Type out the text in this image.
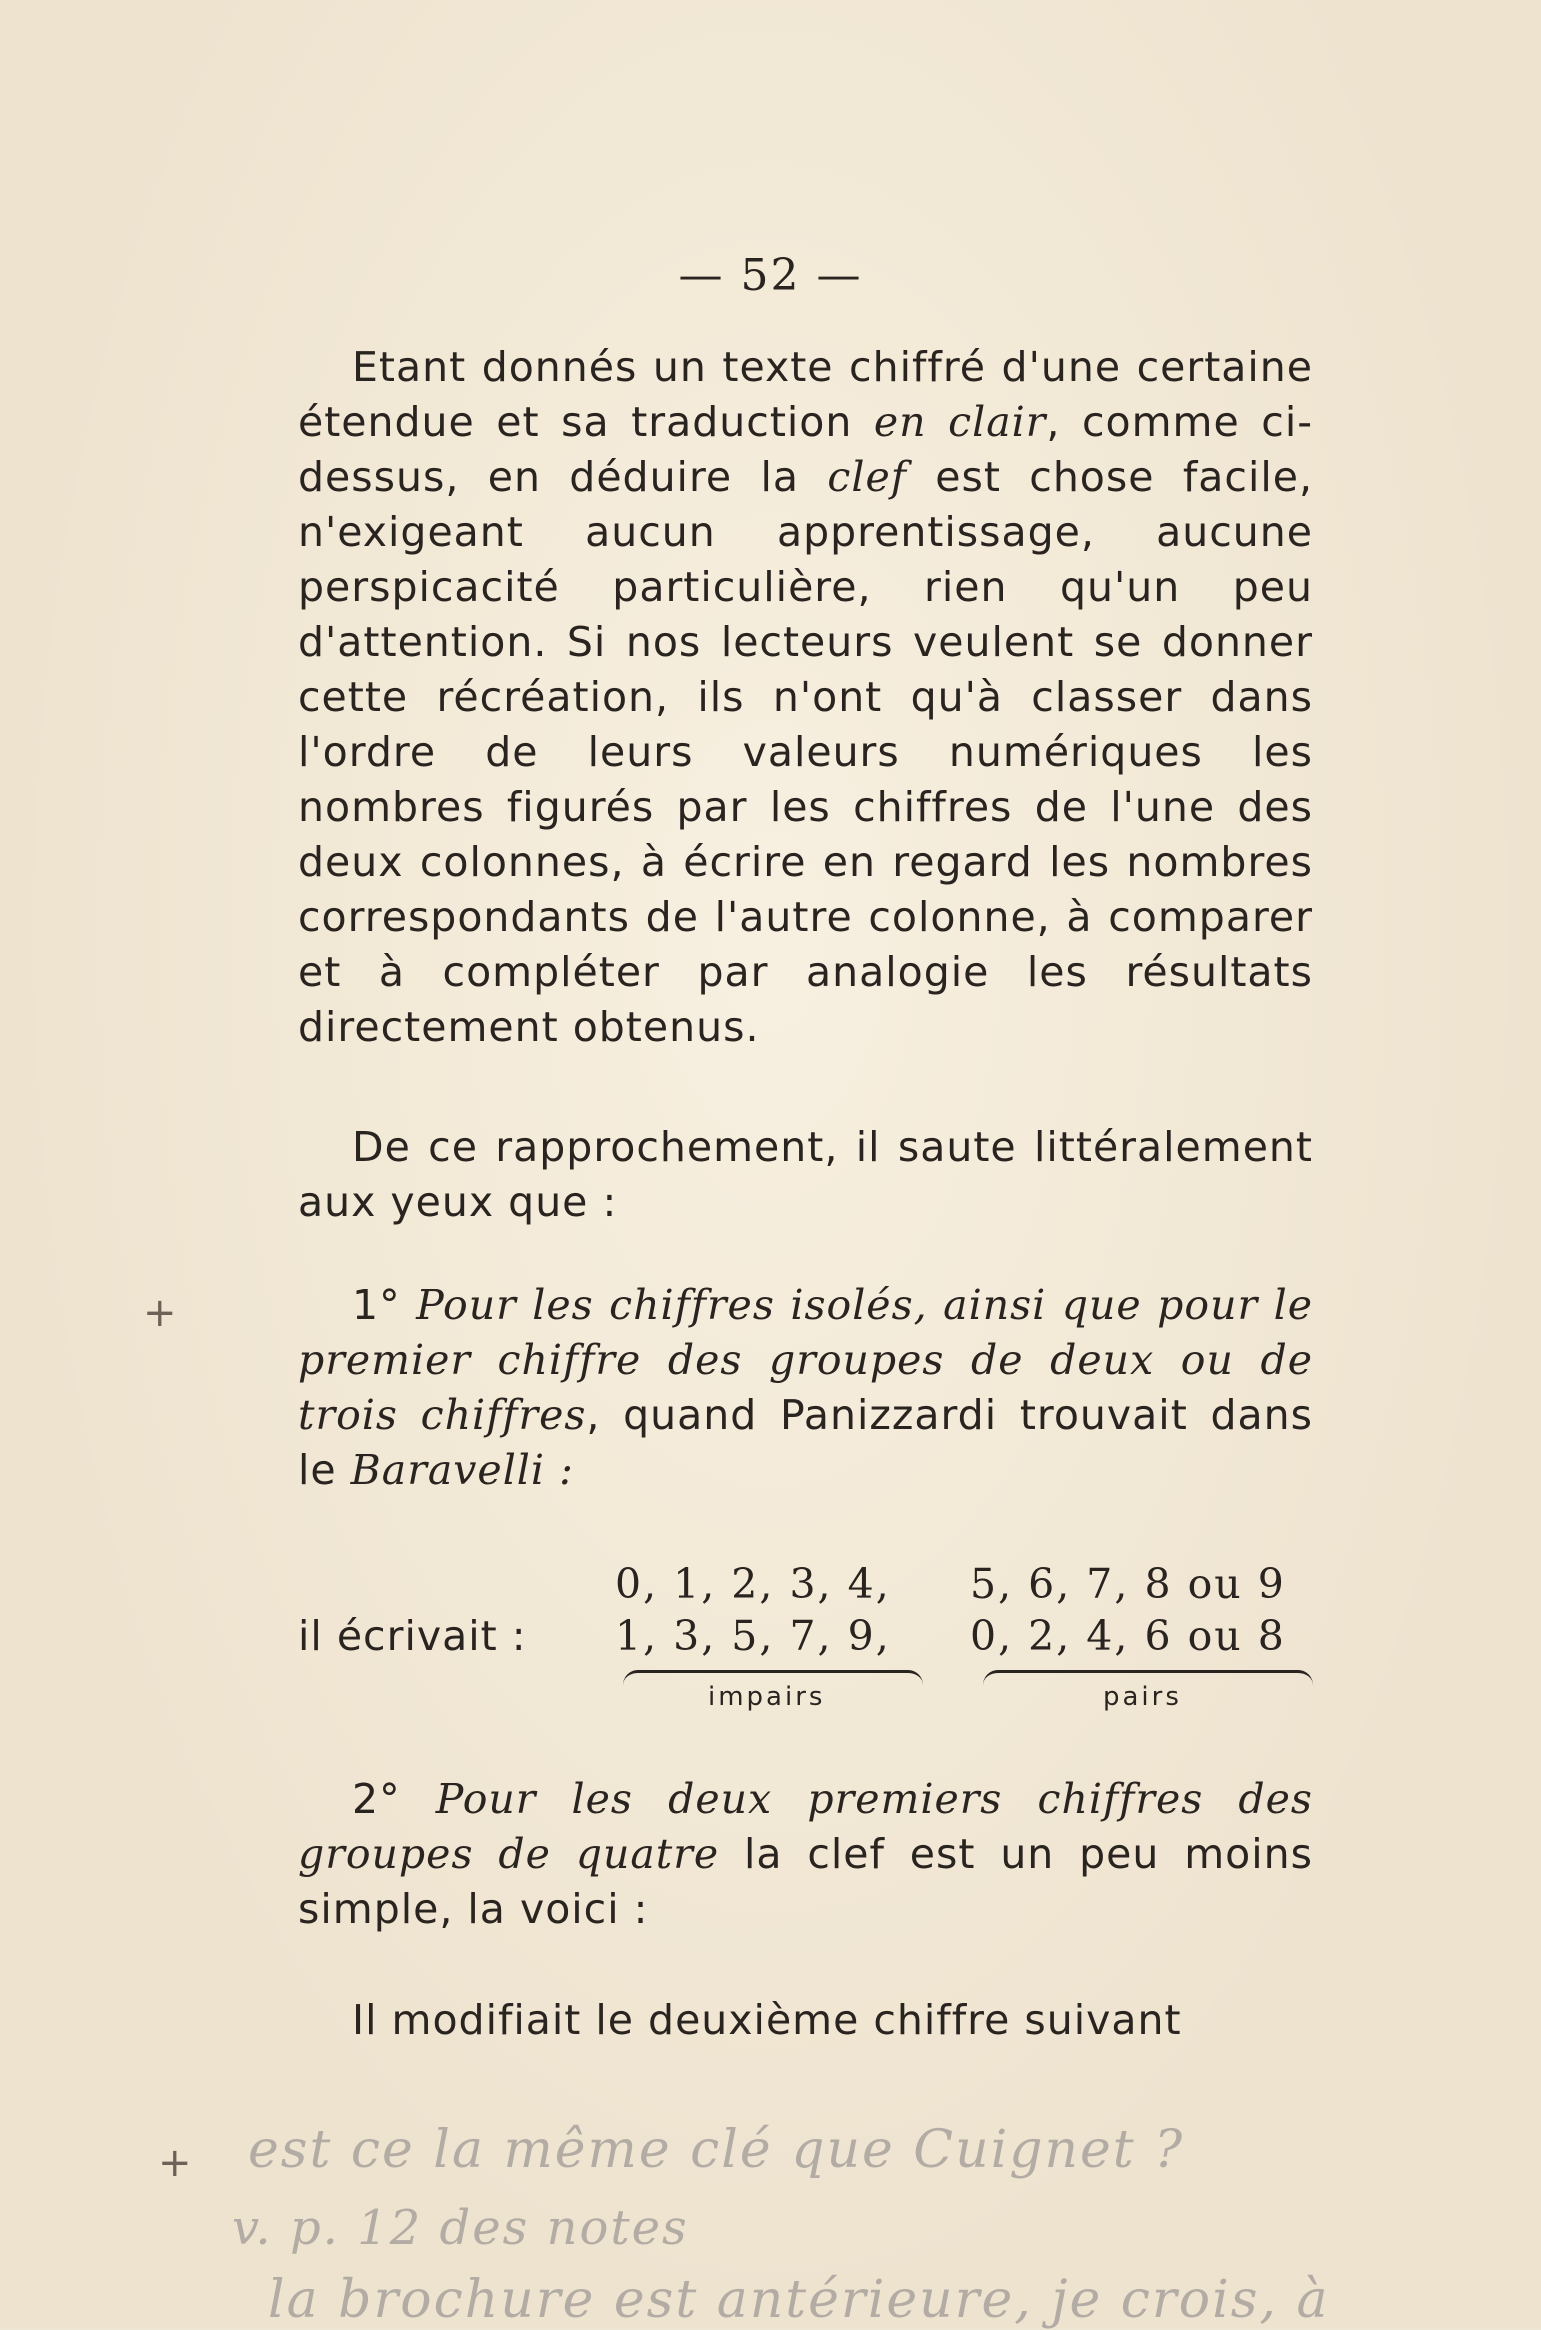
— 52 —

Etant donnés un texte chiffré d'une certaine étendue et sa traduction en clair, comme ci-dessus, en déduire la clef est chose facile, n'exigeant aucun apprentissage, aucune perspicacité particulière, rien qu'un peu d'attention. Si nos lecteurs veulent se donner cette récréation, ils n'ont qu'à classer dans l'ordre de leurs valeurs numériques les nombres figurés par les chiffres de l'une des deux colonnes, à écrire en regard les nombres correspondants de l'autre colonne, à comparer et à compléter par analogie les résultats directement obtenus.

De ce rapprochement, il saute littéralement aux yeux que :

1° Pour les chiffres isolés, ainsi que pour le premier chiffre des groupes de deux ou de trois chiffres, quand Panizzardi trouvait dans le Baravelli :

il écrivait :
0, 1, 2, 3, 4,
1, 3, 5, 7, 9,
5, 6, 7, 8 ou 9
0, 2, 4, 6 ou 8
impairs	pairs

2° Pour les deux premiers chiffres des groupes de quatre la clef est un peu moins simple, la voici :

Il modifiait le deuxième chiffre suivant

+
+ est ce la même clé que Cuignet ?
v. p. 12 des notes
la brochure est antérieure, je crois, à
